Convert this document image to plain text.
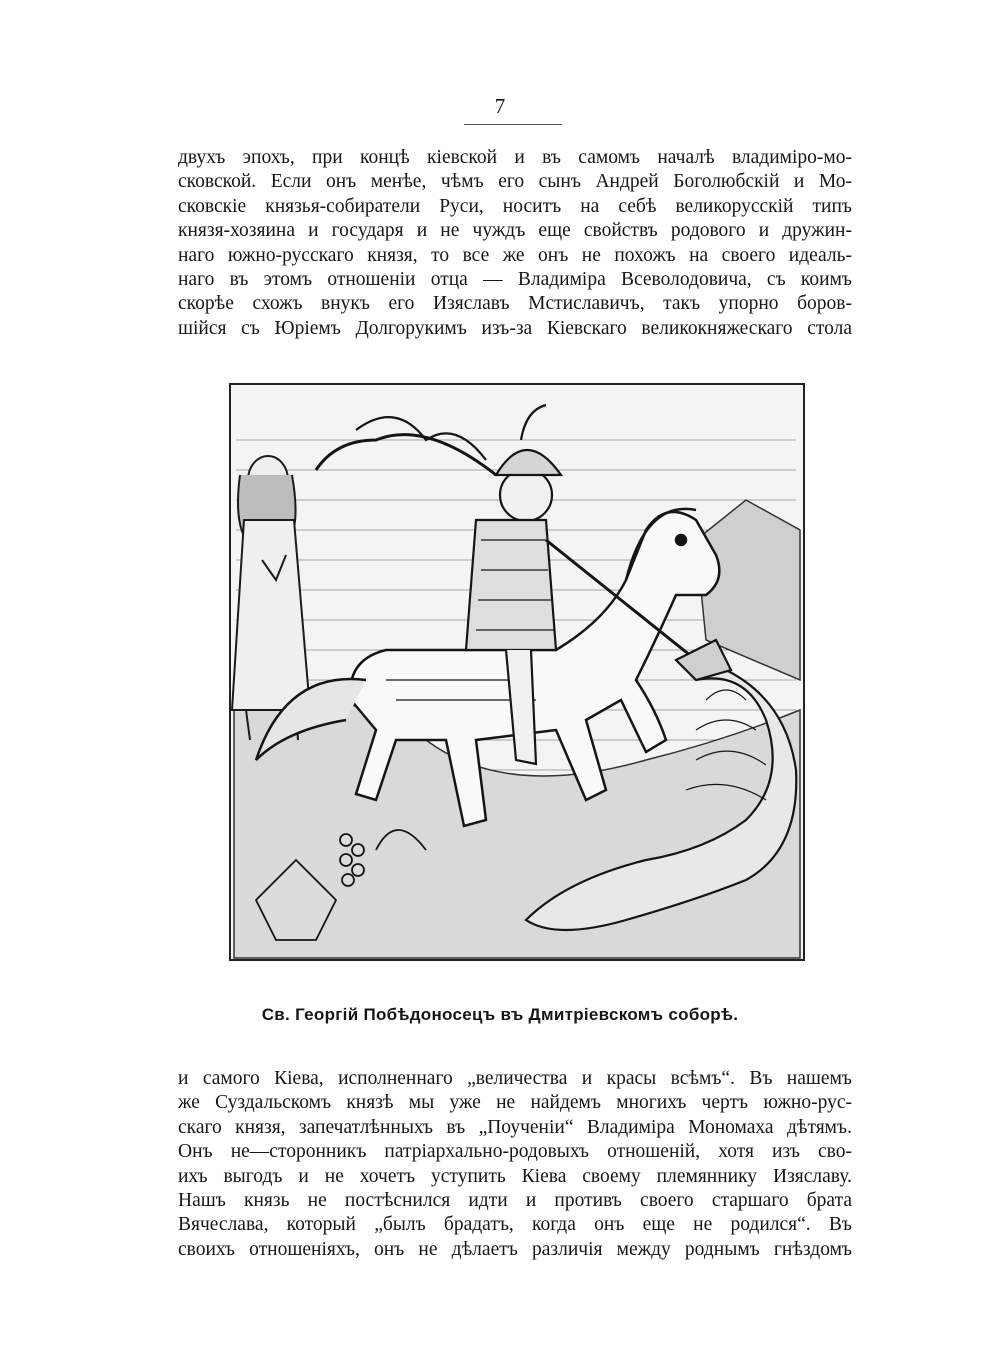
7
двухъ эпохъ, при концѣ кіевской и въ самомъ началѣ владиміро-мо-
сковской. Если онъ менѣе, чѣмъ его сынъ Андрей Боголюбскій и Мо-
сковскіе князья-собиратели Руси, носитъ на себѣ великорусскій типъ
князя-хозяина и государя и не чуждъ еще свойствъ родового и дружин-
наго южно-русскаго князя, то все же онъ не похожъ на своего идеаль-
наго въ этомъ отношеніи отца — Владиміра Всеволодовича, съ коимъ
скорѣе схожъ внукъ его Изяславъ Мстиславичъ, такъ упорно боров-
шійся съ Юріемъ Долгорукимъ изъ-за Кіевскаго великокняжескаго стола
Св. Георгій Побѣдоносецъ въ Дмитріевскомъ соборѣ.
и самого Кіева, исполненнаго „величества и красы всѣмъ“. Въ нашемъ
же Суздальскомъ князѣ мы уже не найдемъ многихъ чертъ южно-рус-
скаго князя, запечатлѣнныхъ въ „Поученіи“ Владиміра Мономаха дѣтямъ.
Онъ не—сторонникъ патріархально-родовыхъ отношеній, хотя изъ сво-
ихъ выгодъ и не хочетъ уступить Кіева своему племяннику Изяславу.
Нашъ князь не постѣснился идти и противъ своего старшаго брата
Вячеслава, который „былъ брадатъ, когда онъ еще не родился“. Въ
своихъ отношеніяхъ, онъ не дѣлаетъ различія между роднымъ гнѣздомъ
